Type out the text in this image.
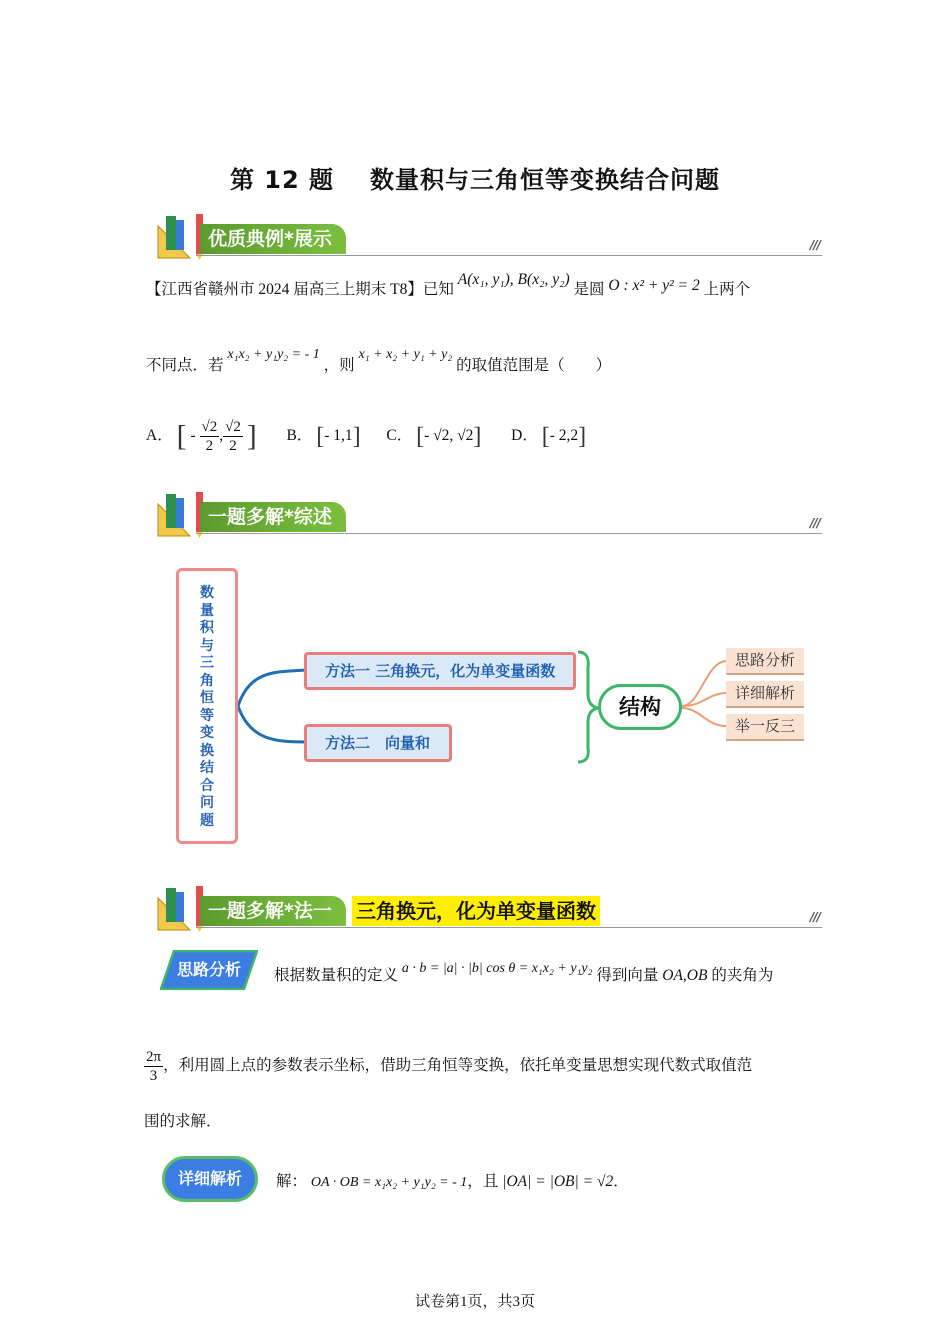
第 12 题 数量积与三角恒等变换结合问题
优质典例*展示	///
【江西省赣州市 2024 届高三上期末 T8】已知 A(x₁, y₁), B(x₂, y₂) 是圆 O : x² + y² = 2 上两个
不同点．若 x₁x₂ + y₁y₂ = - 1 ，则 x₁ + x₂ + y₁ + y₂ 的取值范围是（　　）
A． [ - $\frac{√2}{2}$ , $\frac{√2}{2}$ ] B． [- 1,1] C． [- √2, √2] D． [- 2,2]
一题多解*综述	///
数
量
积
与
三
角
恒
等
变
换
结
合
问
题
方法一 三角换元，化为单变量函数
方法二　向量和
结构
思路分析
详细解析
举一反三
一题多解*法一	三角换元，化为单变量函数	///
思路分析	根据数量积的定义 a · b = |a| · |b| cos θ = x₁x₂ + y₁y₂ 得到向量 OA,OB 的夹角为
$\frac{2\pi}{3}$ ，利用圆上点的参数表示坐标，借助三角恒等变换，依托单变量思想实现代数式取值范
围的求解．
详细解析	解： OA · OB = x₁x₂ + y₁y₂ = - 1，且 |OA| = |OB| = √2．
试卷第1页，共3页
